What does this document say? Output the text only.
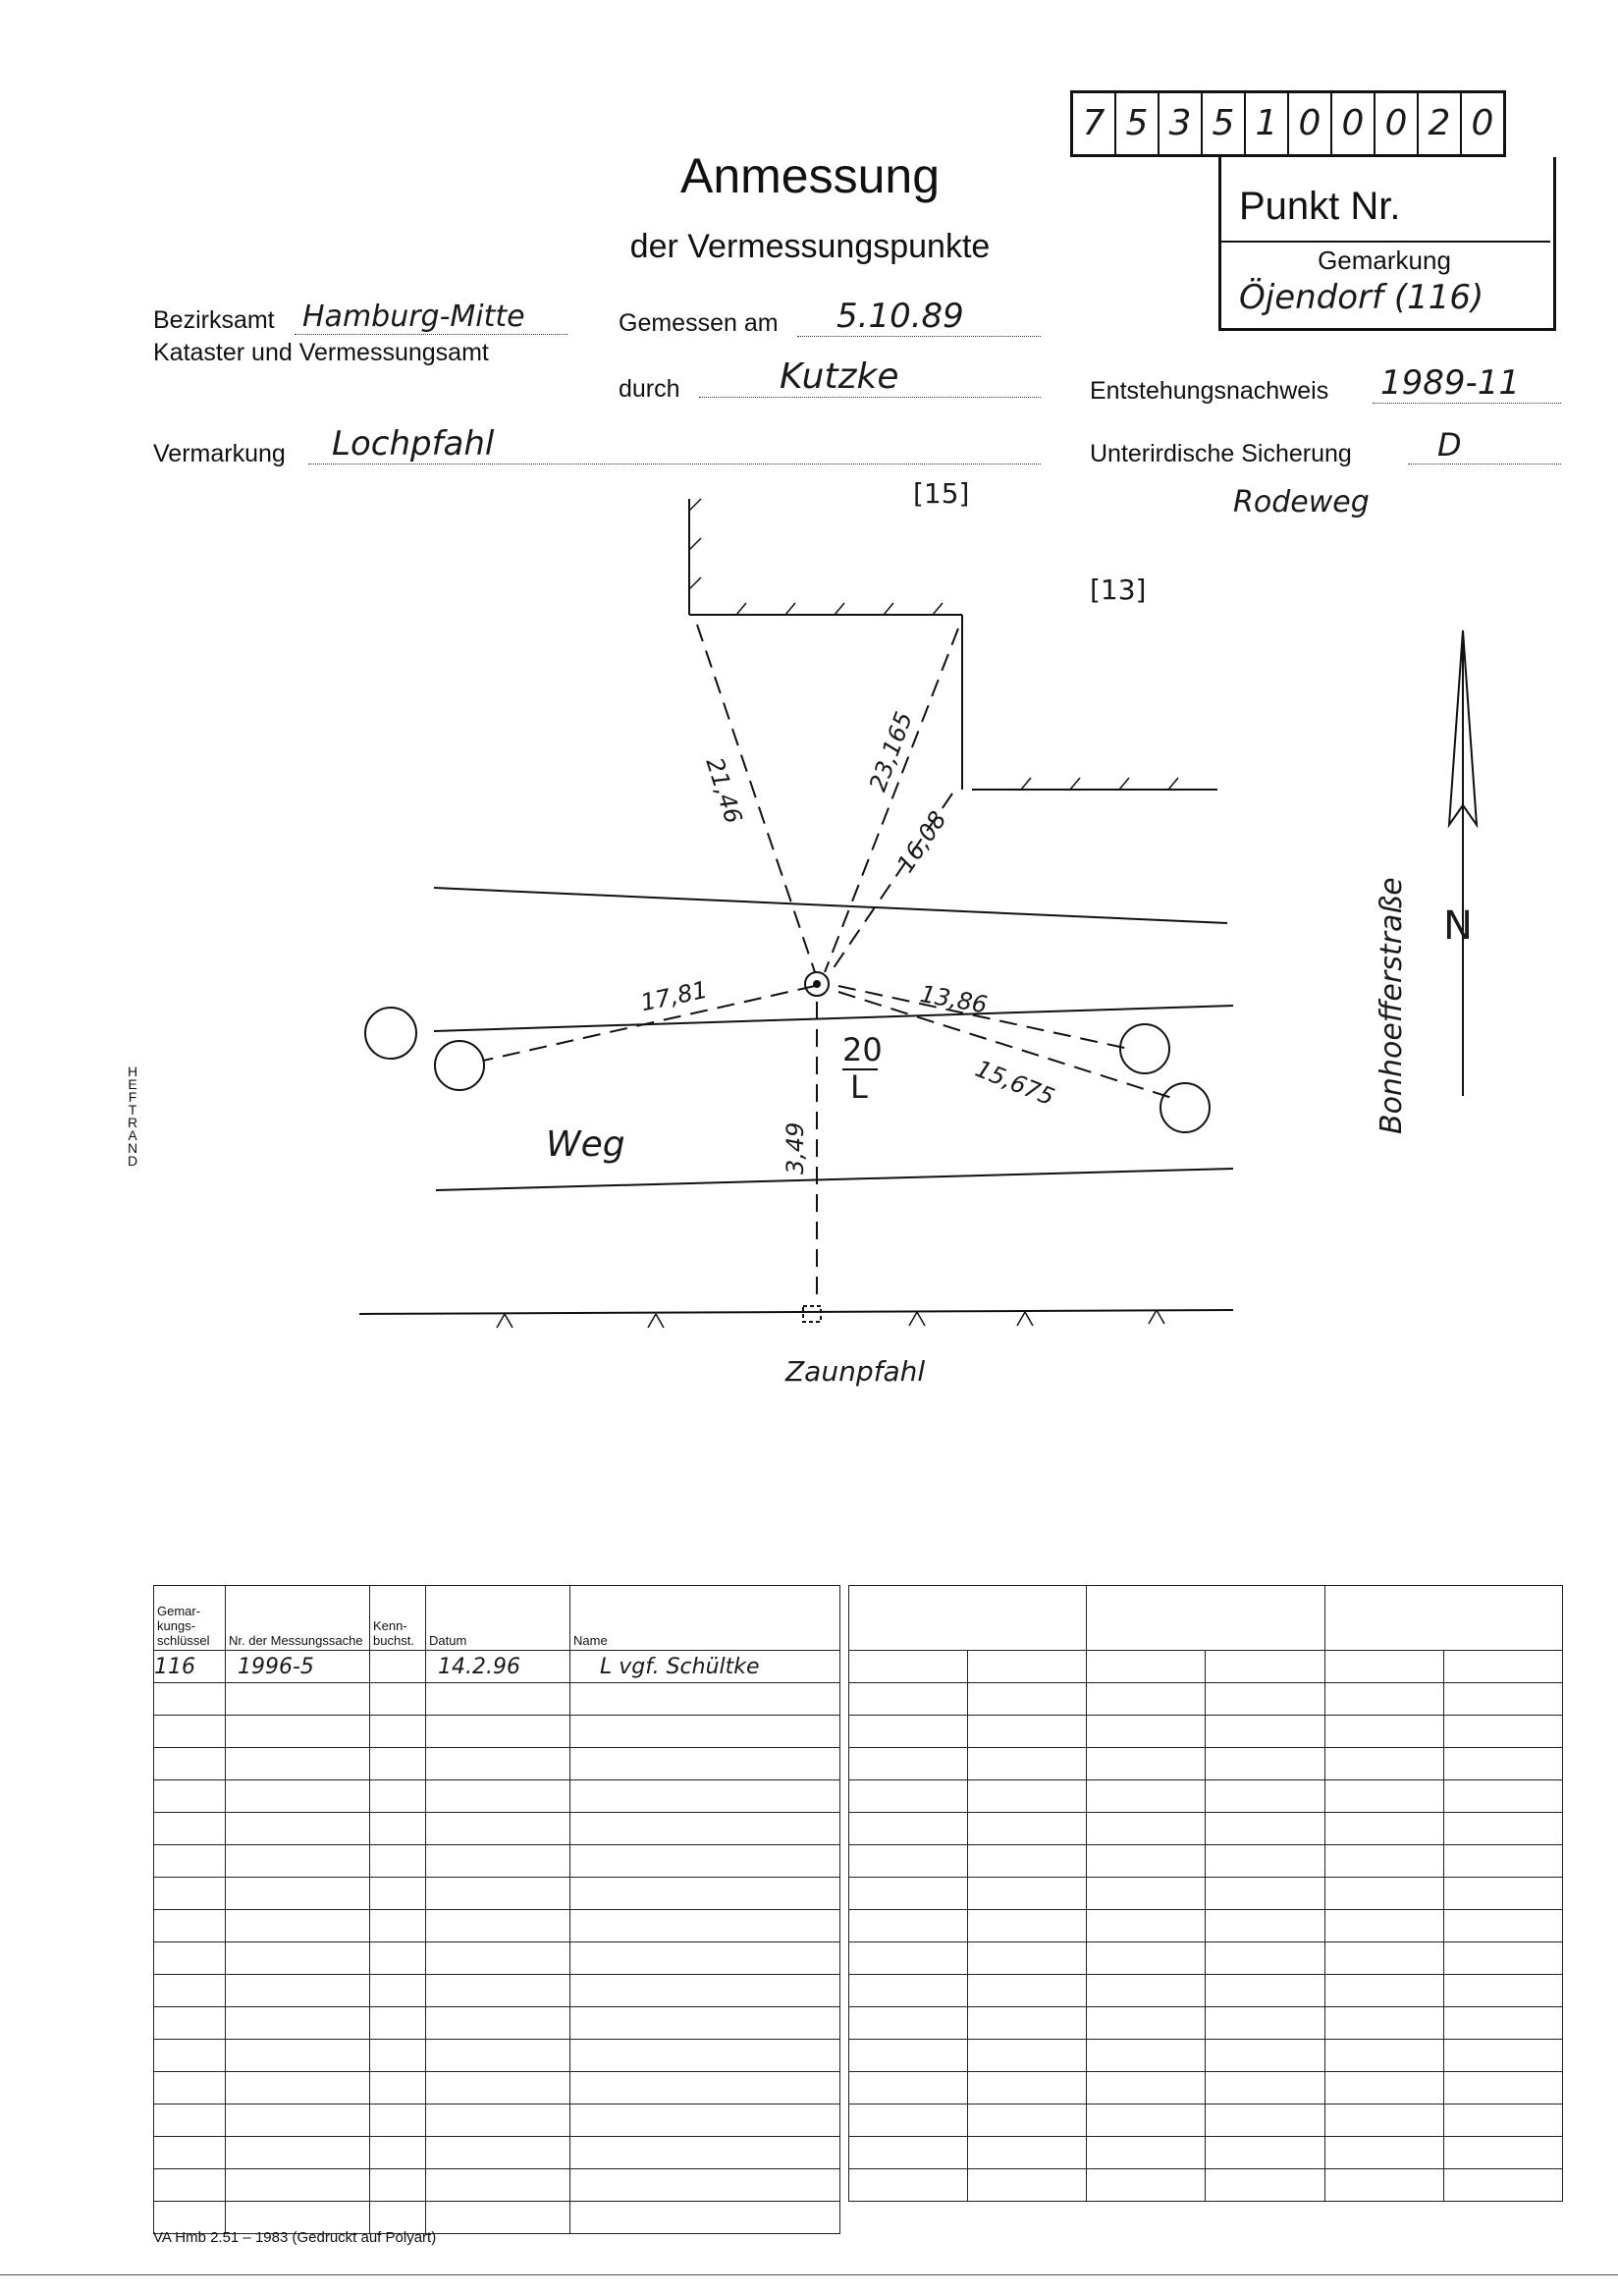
Anmessung
der Vermessungspunkte
7 5 3 5 1 0 0 0 2 0
Punkt Nr.
Gemarkung
Öjendorf (116)
Bezirksamt Hamburg-Mitte
Kataster und Vermessungsamt
Gemessen am 5.10.89
durch	Kutzke	Entstehungsnachweis 1989-11
Vermarkung Lochpfahl	Unterirdische Sicherung	D
[15]
[13]
Rodeweg
N
Bonhoefferstraße
Weg
Zaunpfahl
20
L
21,46	23,165
16,08
17,81	13,86
15,675
3,49
HEFTRAND
Gemar-kungs-schlüssel	Nr. der Messungssache	Kenn-buchst.	Datum	Name
116	1996-5		14.2.96	L vgf. Schültke

VA Hmb 2.51 – 1983 (Gedruckt auf Polyart)
